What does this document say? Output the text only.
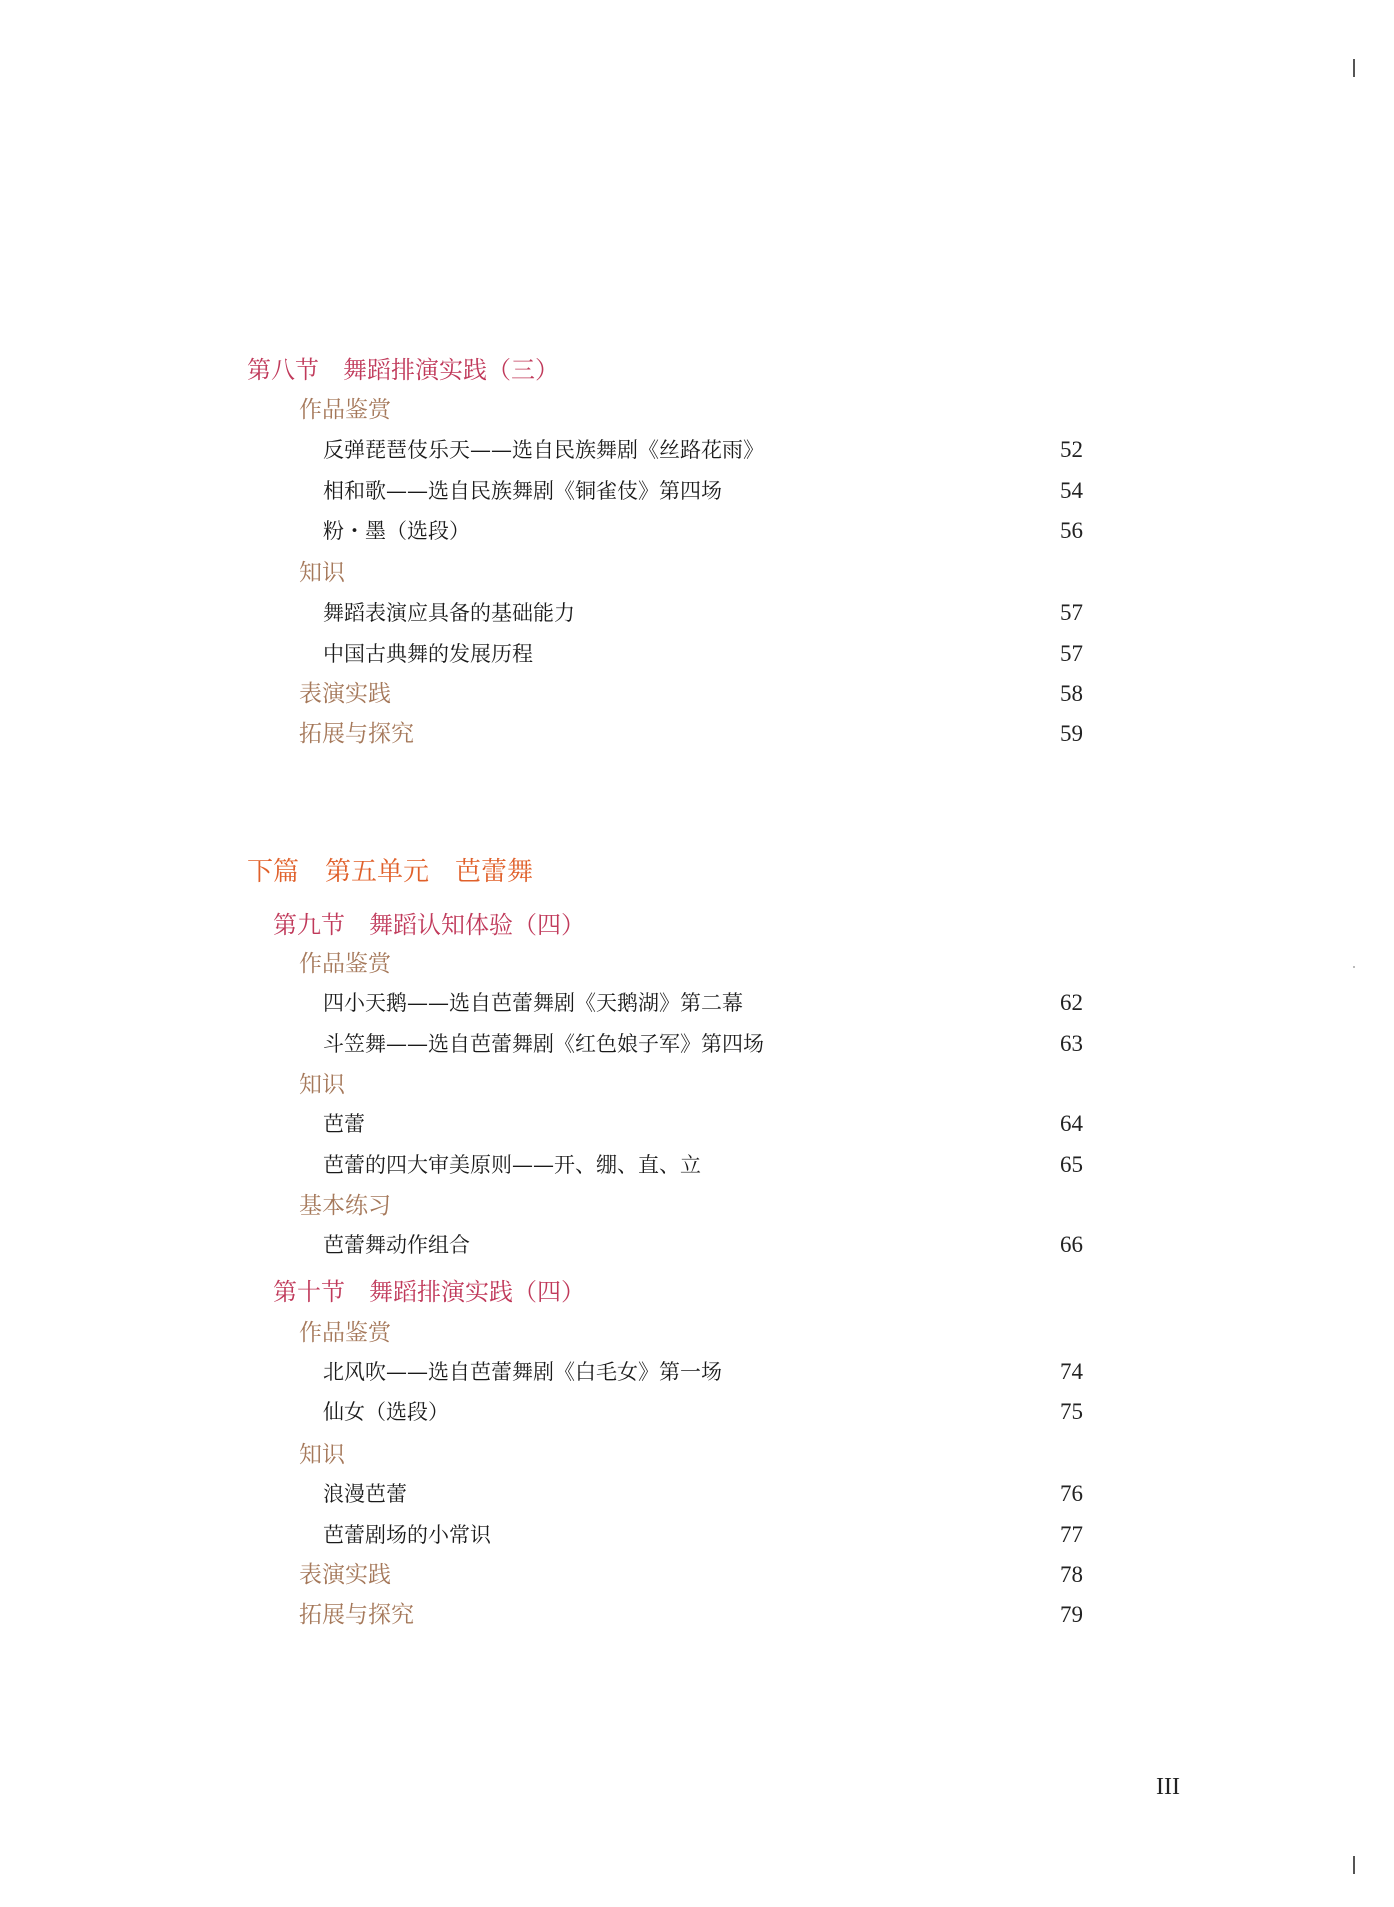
第八节　舞蹈排演实践（三）
作品鉴赏
反弹琵琶伎乐天——选自民族舞剧《丝路花雨》	52
相和歌——选自民族舞剧《铜雀伎》第四场	54
粉・墨（选段）	56
知识
舞蹈表演应具备的基础能力	57
中国古典舞的发展历程	57
表演实践	58
拓展与探究	59
下篇　第五单元　芭蕾舞
第九节　舞蹈认知体验（四）
作品鉴赏
四小天鹅——选自芭蕾舞剧《天鹅湖》第二幕	62
斗笠舞——选自芭蕾舞剧《红色娘子军》第四场	63
知识
芭蕾	64
芭蕾的四大审美原则——开、绷、直、立	65
基本练习
芭蕾舞动作组合	66
第十节　舞蹈排演实践（四）
作品鉴赏
北风吹——选自芭蕾舞剧《白毛女》第一场	74
仙女（选段）	75
知识
浪漫芭蕾	76
芭蕾剧场的小常识	77
表演实践	78
拓展与探究	79
III
